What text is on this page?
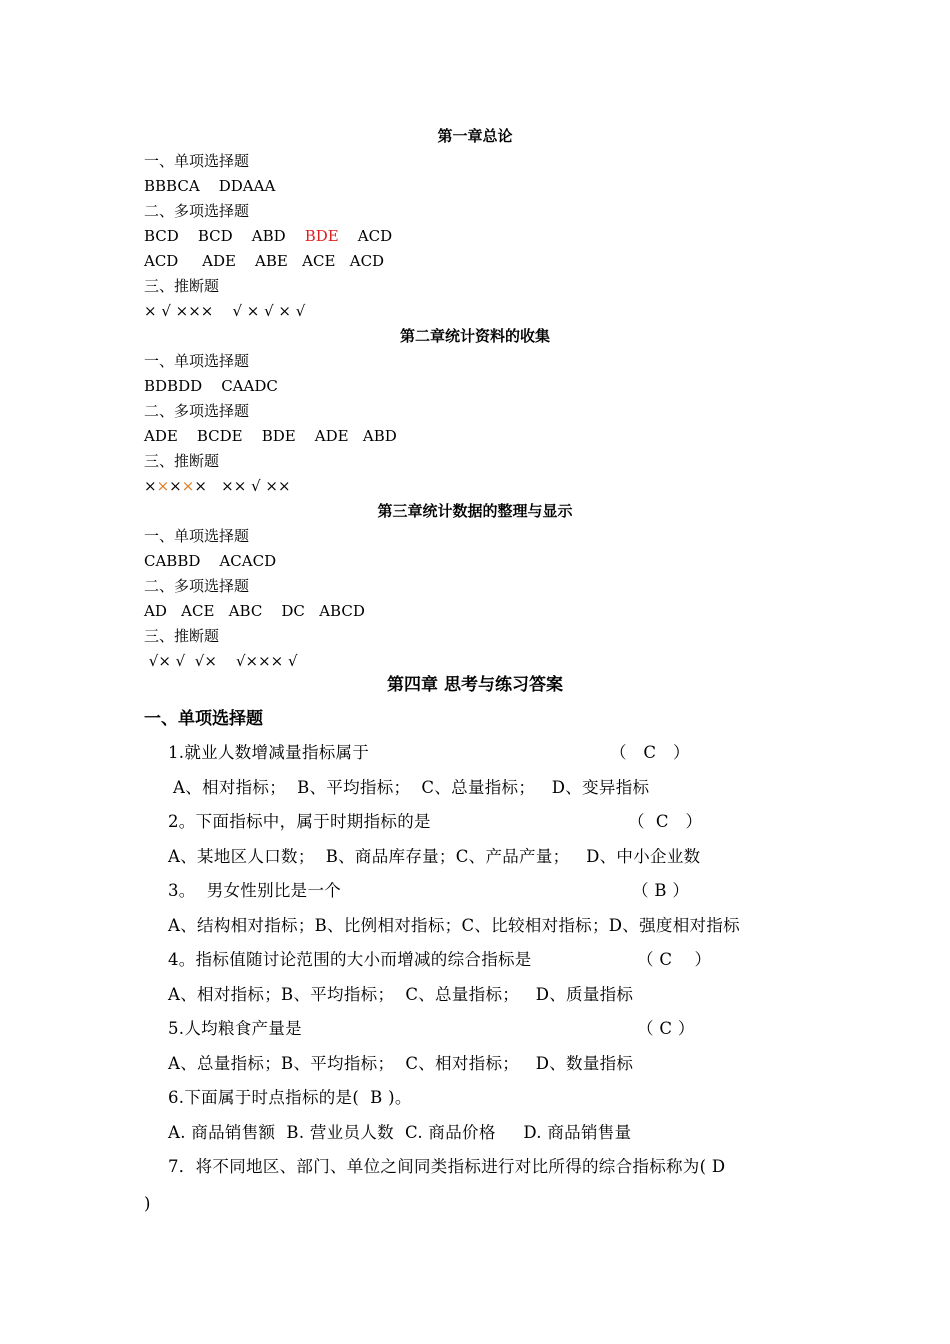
第一章总论
一、单项选择题
BBBCA    DDAAA
二、多项选择题
BCD    BCD    ABD    BDE    ACD
ACD     ADE    ABE   ACE   ACD
三、推断题
× √ ×××    √ × √ × √
第二章统计资料的收集
一、单项选择题
BDBDD    CAADC
二、多项选择题
ADE    BCDE    BDE    ADE   ABD
三、推断题
×××××   ×× √ ××
第三章统计数据的整理与显示
一、单项选择题
CABBD    ACACD
二、多项选择题
AD   ACE   ABC    DC   ABCD
三、推断题
√× √  √×    √××× √
第四章 思考与练习答案
一、单项选择题
1.就业人数增减量指标属于	（   C   ）
A、相对指标；  B、平均指标；  C、总量指标；   D、变异指标
2。下面指标中，属于时期指标的是	（  C   ）
A、某地区人口数；  B、商品库存量；C、产品产量；   D、中小企业数
3。  男女性别比是一个	（ B ）
A、结构相对指标；B、比例相对指标；C、比较相对指标；D、强度相对指标
4。指标值随讨论范围的大小而增减的综合指标是	（ C    ）
A、相对指标；B、平均指标；  C、总量指标；   D、质量指标
5.人均粮食产量是	（ C ）
A、总量指标；B、平均指标；  C、相对指标；   D、数量指标
6.下面属于时点指标的是(  B )。
A. 商品销售额  B. 营业员人数  C. 商品价格     D. 商品销售量
7．将不同地区、部门、单位之间同类指标进行对比所得的综合指标称为( D
)
